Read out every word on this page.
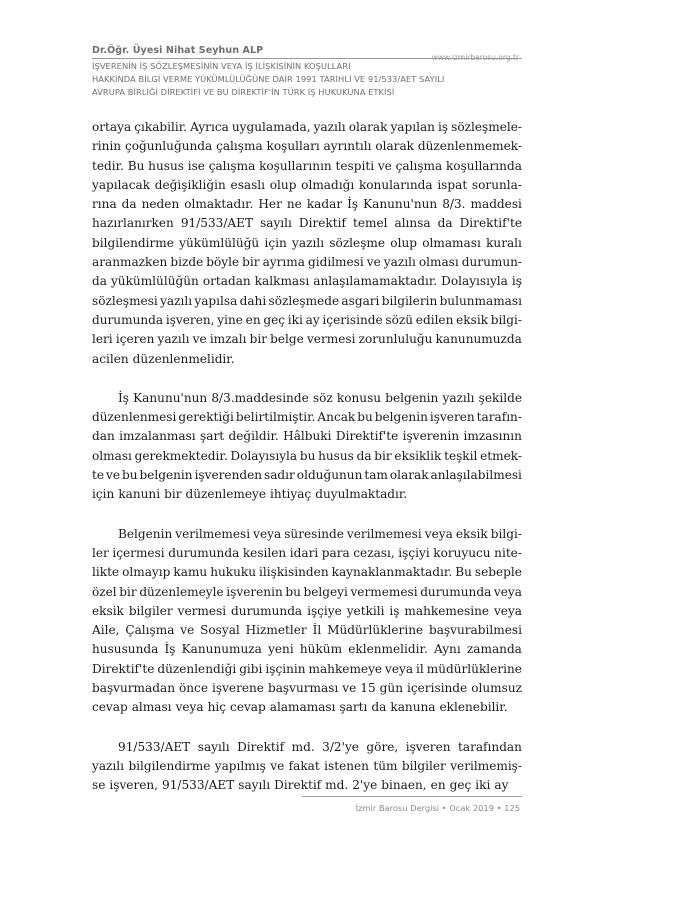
Dr.Öğr. Üyesi Nihat Seyhun ALP
www.izmirbarosu.org.tr
İŞVERENİN İŞ SÖZLEŞMESİNİN VEYA İŞ İLİŞKİSİNİN KOŞULLARI
HAKKINDA BİLGİ VERME YÜKÜMLÜLÜĞÜNE DAİR 1991 TARİHLİ VE 91/533/AET SAYILI
AVRUPA BİRLİĞİ DİREKTİFİ VE BU DİREKTİF'İN TÜRK İŞ HUKUKUNA ETKİSİ
ortaya çıkabilir. Ayrıca uygulamada, yazılı olarak yapılan iş sözleşmele-
rinin çoğunluğunda çalışma koşulları ayrıntılı olarak düzenlenmemek-
tedir. Bu husus ise çalışma koşullarının tespiti ve çalışma koşullarında
yapılacak değişikliğin esaslı olup olmadığı konularında ispat sorunla-
rına da neden olmaktadır. Her ne kadar İş Kanunu'nun 8/3. maddesi
hazırlanırken 91/533/AET sayılı Direktif temel alınsa da Direktif'te
bilgilendirme yükümlülüğü için yazılı sözleşme olup olmaması kuralı
aranmazken bizde böyle bir ayrıma gidilmesi ve yazılı olması durumun-
da yükümlülüğün ortadan kalkması anlaşılamamaktadır. Dolayısıyla iş
sözleşmesi yazılı yapılsa dahi sözleşmede asgari bilgilerin bulunmaması
durumunda işveren, yine en geç iki ay içerisinde sözü edilen eksik bilgi-
leri içeren yazılı ve imzalı bir belge vermesi zorunluluğu kanunumuzda
acilen düzenlenmelidir.
İş Kanunu'nun 8/3.maddesinde söz konusu belgenin yazılı şekilde
düzenlenmesi gerektiği belirtilmiştir. Ancak bu belgenin işveren tarafın-
dan imzalanması şart değildir. Hâlbuki Direktif'te işverenin imzasının
olması gerekmektedir. Dolayısıyla bu husus da bir eksiklik teşkil etmek-
te ve bu belgenin işverenden sadır olduğunun tam olarak anlaşılabilmesi
için kanuni bir düzenlemeye ihtiyaç duyulmaktadır.
Belgenin verilmemesi veya süresinde verilmemesi veya eksik bilgi-
ler içermesi durumunda kesilen idari para cezası, işçiyi koruyucu nite-
likte olmayıp kamu hukuku ilişkisinden kaynaklanmaktadır. Bu sebeple
özel bir düzenlemeyle işverenin bu belgeyi vermemesi durumunda veya
eksik bilgiler vermesi durumunda işçiye yetkili iş mahkemesine veya
Aile, Çalışma ve Sosyal Hizmetler İl Müdürlüklerine başvurabilmesi
hususunda İş Kanunumuza yeni hüküm eklenmelidir. Aynı zamanda
Direktif'te düzenlendiği gibi işçinin mahkemeye veya il müdürlüklerine
başvurmadan önce işverene başvurması ve 15 gün içerisinde olumsuz
cevap alması veya hiç cevap alamaması şartı da kanuna eklenebilir.
91/533/AET sayılı Direktif md. 3/2'ye göre, işveren tarafından
yazılı bilgilendirme yapılmış ve fakat istenen tüm bilgiler verilmemiş-
se işveren, 91/533/AET sayılı Direktif md. 2'ye binaen, en geç iki ay
İzmir Barosu Dergisi • Ocak 2019 • 125
